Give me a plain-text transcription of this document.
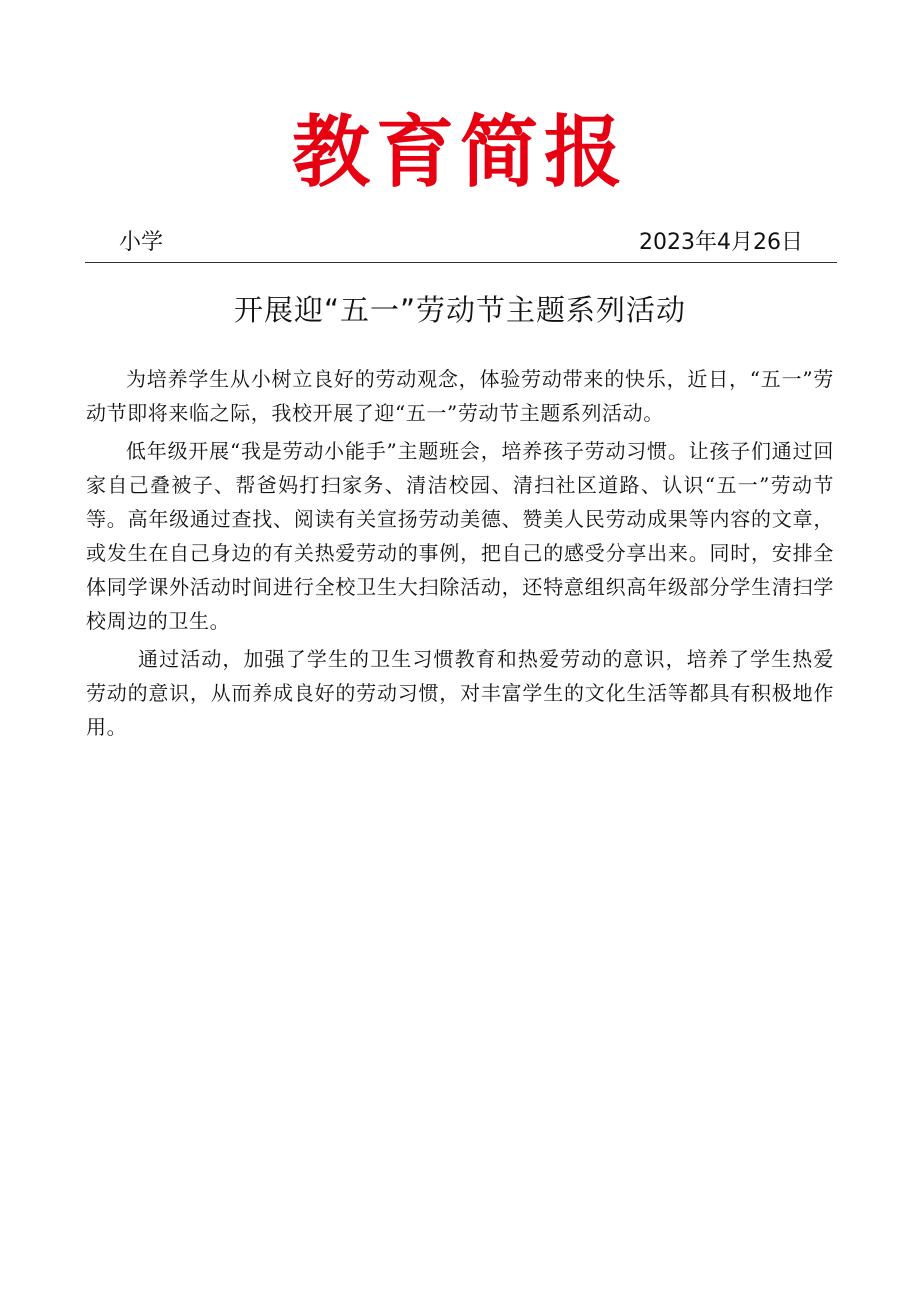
教育简报
小学	2023年4月26日
开展迎“五一”劳动节主题系列活动

为培养学生从小树立良好的劳动观念，体验劳动带来的快乐，近日，“五一”劳动节即将来临之际，我校开展了迎“五一”劳动节主题系列活动。

低年级开展“我是劳动小能手”主题班会，培养孩子劳动习惯。让孩子们通过回家自己叠被子、帮爸妈打扫家务、清洁校园、清扫社区道路、认识“五一”劳动节等。高年级通过查找、阅读有关宣扬劳动美德、赞美人民劳动成果等内容的文章，或发生在自己身边的有关热爱劳动的事例，把自己的感受分享出来。同时，安排全体同学课外活动时间进行全校卫生大扫除活动，还特意组织高年级部分学生清扫学校周边的卫生。

通过活动，加强了学生的卫生习惯教育和热爱劳动的意识，培养了学生热爱劳动的意识，从而养成良好的劳动习惯，对丰富学生的文化生活等都具有积极地作用。
